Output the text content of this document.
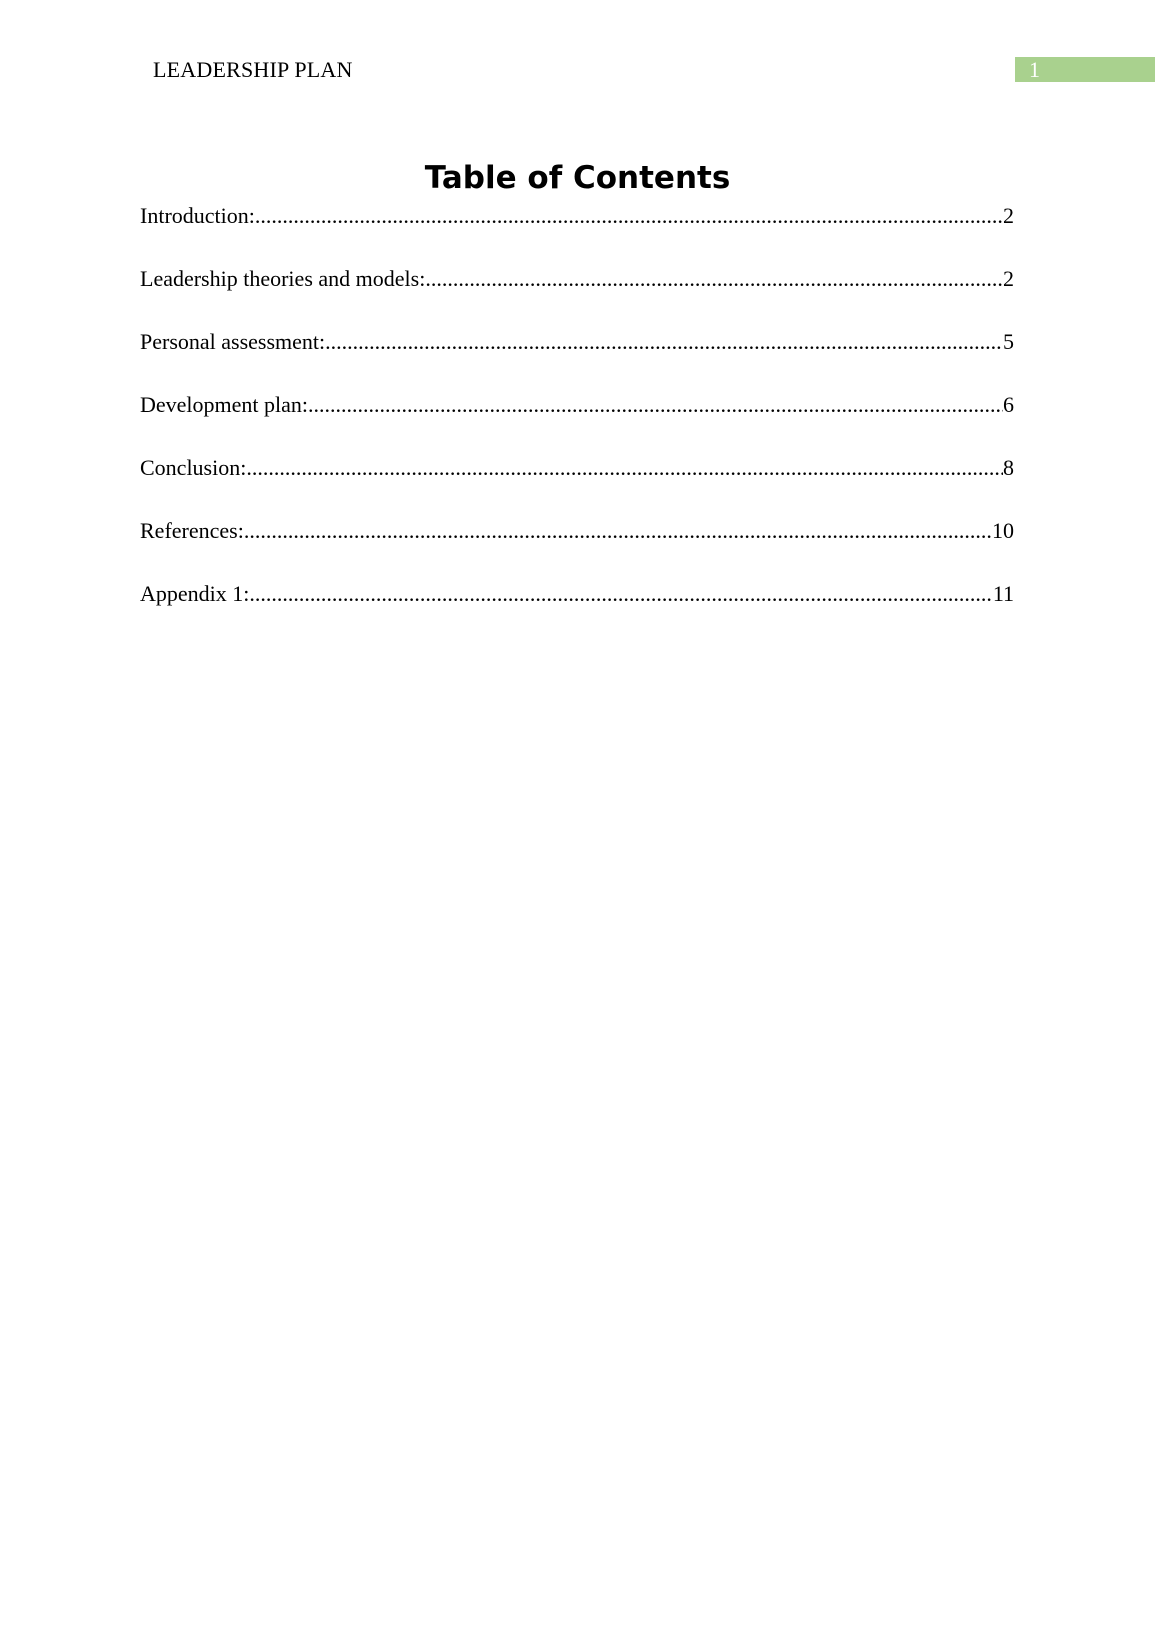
LEADERSHIP PLAN	1
Table of Contents
Introduction: .....	2
Leadership theories and models: .....	2
Personal assessment: .....	5
Development plan: .....	6
Conclusion: .....	8
References: .....	10
Appendix 1: .....	11
